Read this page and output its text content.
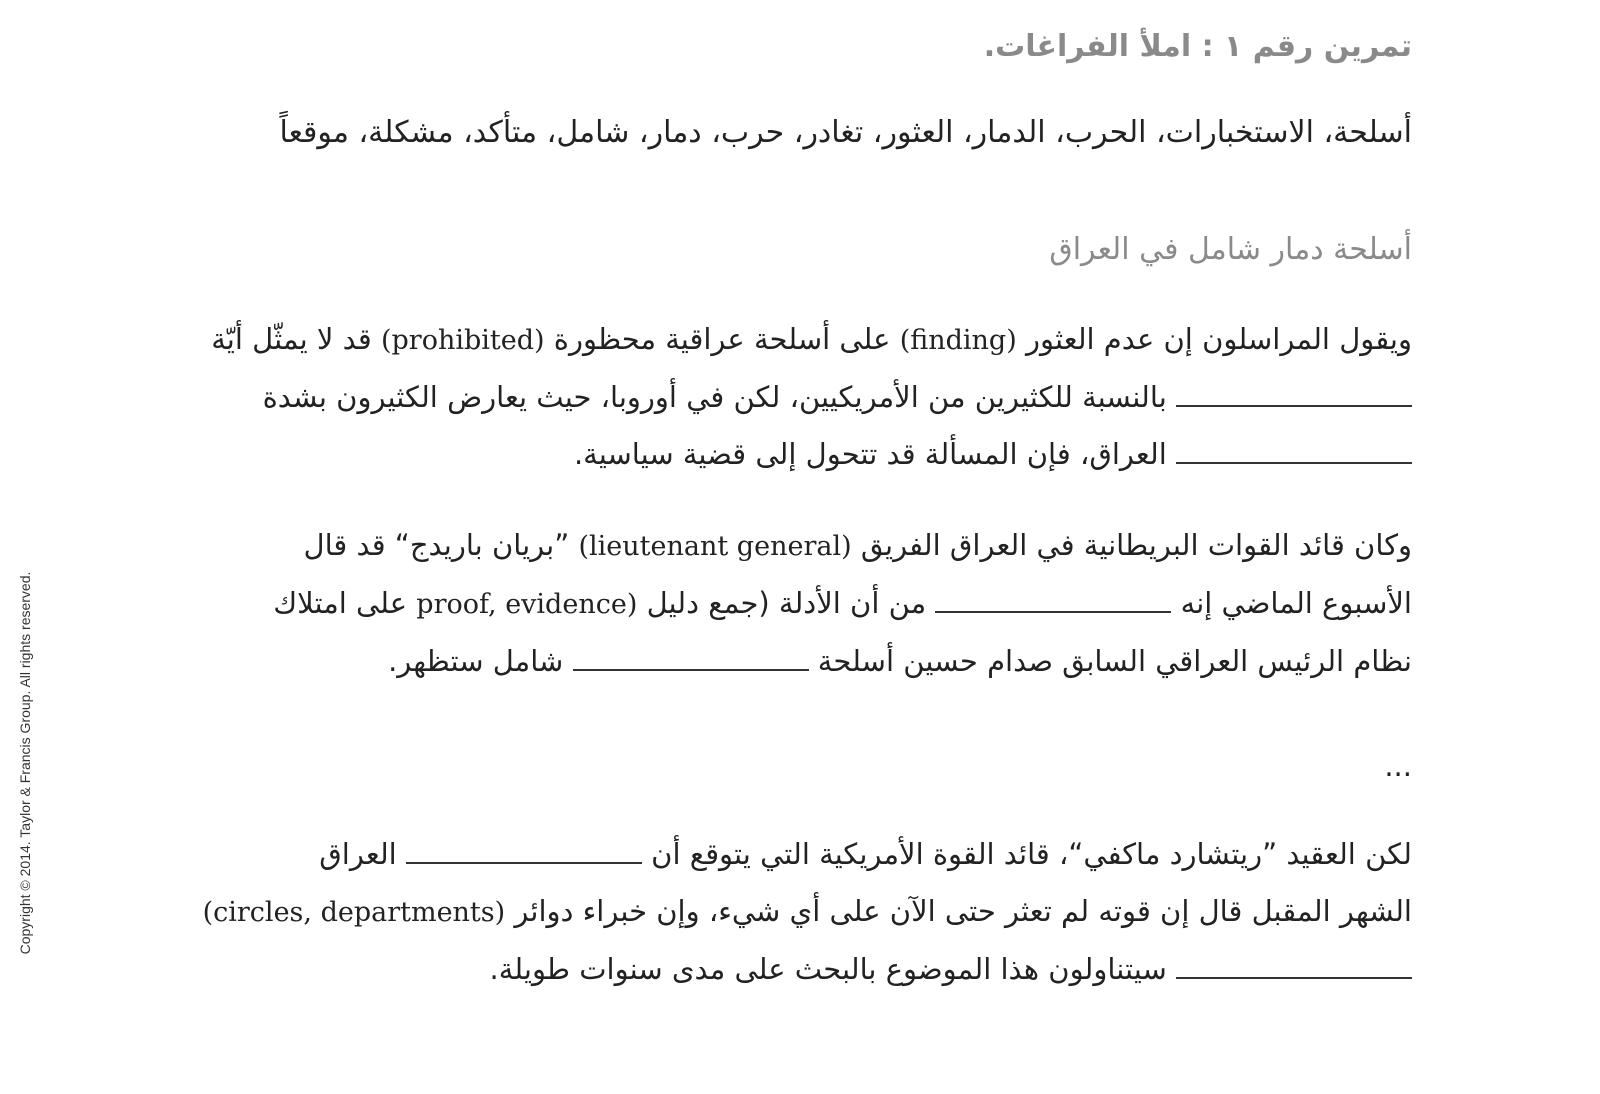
Copyright © 2014. Taylor & Francis Group. All rights reserved.
تمرين رقم ١ : املأ الفراغات.
أسلحة، الاستخبارات، الحرب، الدمار، العثور، تغادر، حرب، دمار، شامل، متأكد، مشكلة، موقعاً
أسلحة دمار شامل في العراق
ويقول المراسلون إن عدم العثور (finding) على أسلحة عراقية محظورة (prohibited) قد لا يمثّل أيّة
بالنسبة للكثيرين من الأمريكيين، لكن في أوروبا، حيث يعارض الكثيرون بشدة
العراق، فإن المسألة قد تتحول إلى قضية سياسية.
وكان قائد القوات البريطانية في العراق الفريق (lieutenant general) ”بريان باريدج“ قد قال
الأسبوع الماضي إنه  من أن الأدلة (جمع دليل proof, evidence) على امتلاك
نظام الرئيس العراقي السابق صدام حسين أسلحة  شامل ستظهر.
...
لكن العقيد ”ريتشارد ماكفي“، قائد القوة الأمريكية التي يتوقع أن  العراق
الشهر المقبل قال إن قوته لم تعثر حتى الآن على أي شيء، وإن خبراء دوائر (circles, departments)
سيتناولون هذا الموضوع بالبحث على مدى سنوات طويلة.
